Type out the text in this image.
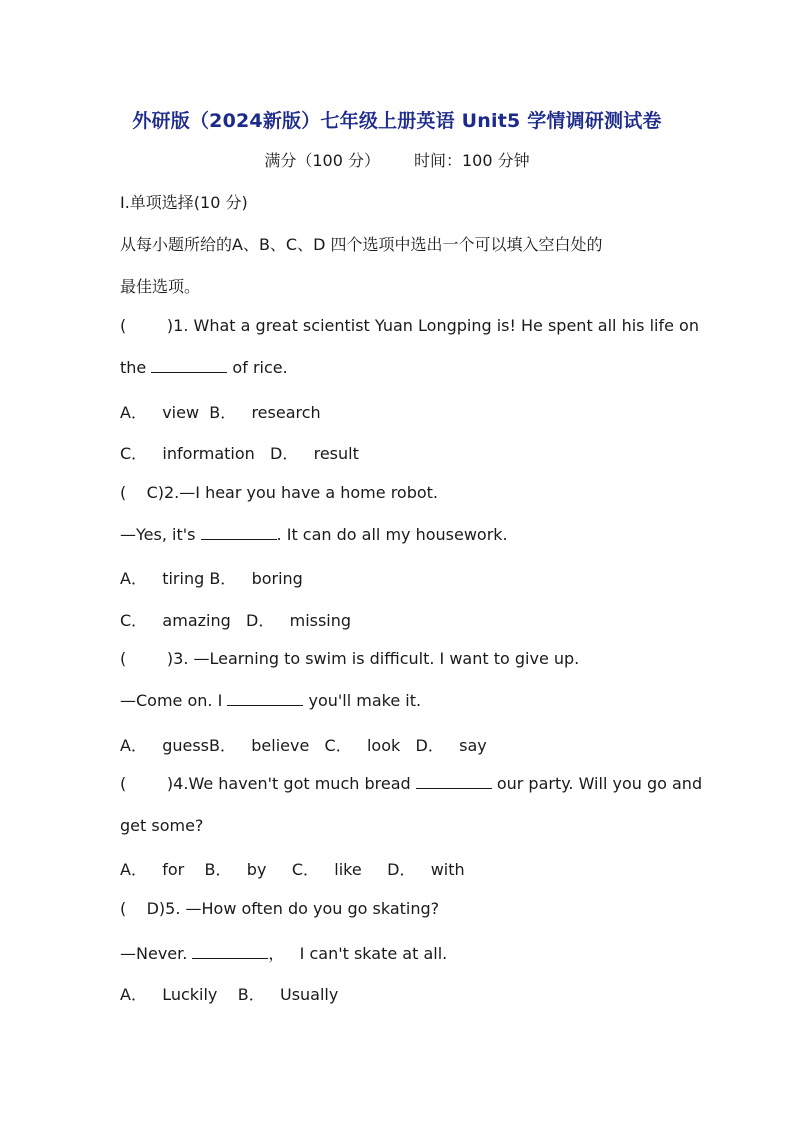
外研版（2024新版）七年级上册英语 Unit5 学情调研测试卷
满分（100 分） 时间：100 分钟
Ⅰ.单项选择(10 分)
从每小题所给的A、B、C、D 四个选项中选出一个可以填入空白处的
最佳选项。
(        )1. What a great scientist Yuan Longping is! He spent all his life on
the	of rice.
A．   view  B．   research
C．   information   D．   result
(    C)2.—I hear you have a home robot.
—Yes, it's	. It can do all my housework.
A．   tiring B．   boring
C．   amazing   D．   missing
(        )3. —Learning to swim is difficult. I want to give up.
—Come on. I	you'll make it.
A．   guessB．   believe   C．   look   D．   say
(        )4.We haven't got much bread	our party. Will you go and
get some?
A．   for    B．   by     C．   like     D．   with
(    D)5. —How often do you go skating?
—Never.	，   I can't skate at all.
A．   Luckily    B．   Usually
